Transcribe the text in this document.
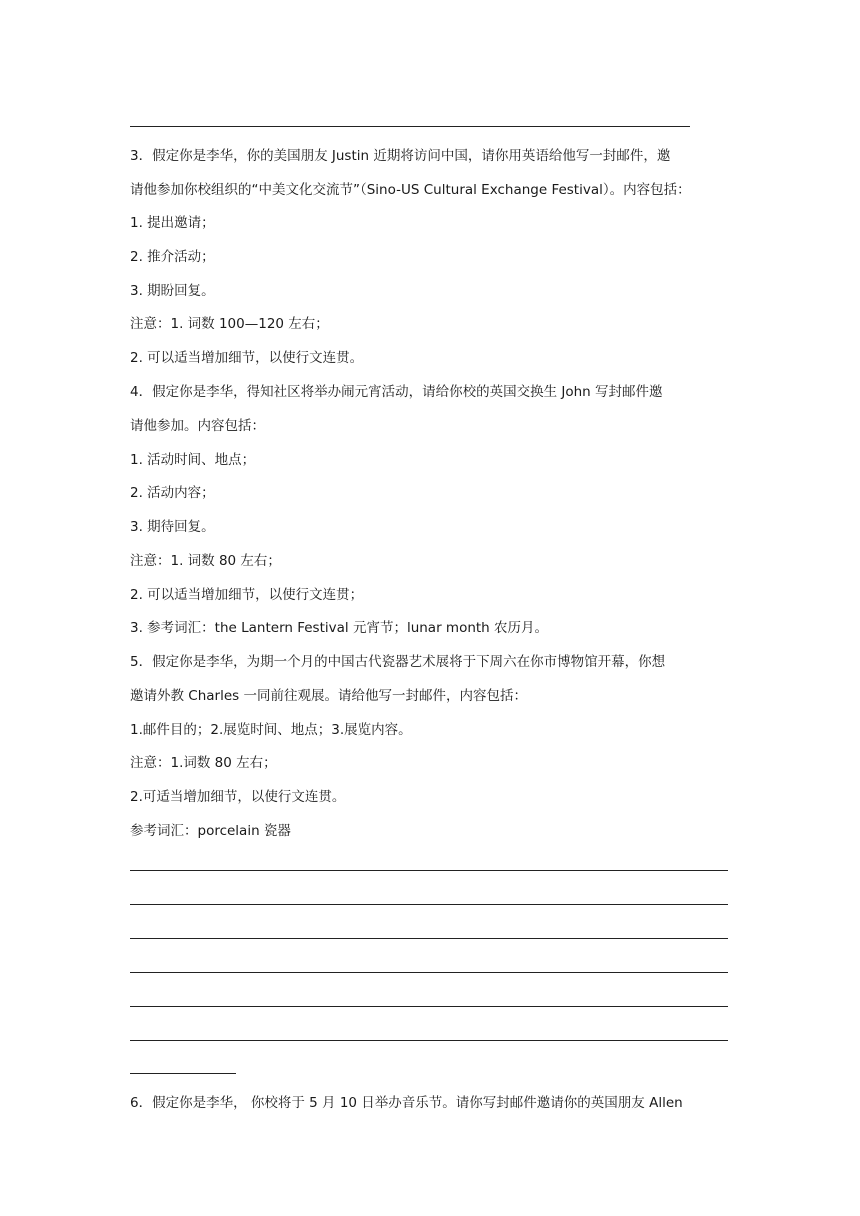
3．假定你是李华，你的美国朋友 Justin 近期将访问中国，请你用英语给他写一封邮件，邀
请他参加你校组织的“中美文化交流节”（Sino-US Cultural Exchange Festival）。内容包括：
1. 提出邀请；
2. 推介活动；
3. 期盼回复。
注意：1. 词数 100—120 左右；
2. 可以适当增加细节，以使行文连贯。
4．假定你是李华，得知社区将举办闹元宵活动，请给你校的英国交换生 John 写封邮件邀
请他参加。内容包括：
1. 活动时间、地点；
2. 活动内容；
3. 期待回复。
注意：1. 词数 80 左右；
2. 可以适当增加细节，以使行文连贯；
3. 参考词汇：the Lantern Festival 元宵节；lunar month 农历月。
5．假定你是李华，为期一个月的中国古代瓷器艺术展将于下周六在你市博物馆开幕，你想
邀请外教 Charles 一同前往观展。请给他写一封邮件，内容包括：
1.邮件目的；2.展览时间、地点；3.展览内容。
注意：1.词数 80 左右；
2.可适当增加细节，以使行文连贯。
参考词汇：porcelain 瓷器
6．假定你是李华， 你校将于 5 月 10 日举办音乐节。请你写封邮件邀请你的英国朋友 Allen
